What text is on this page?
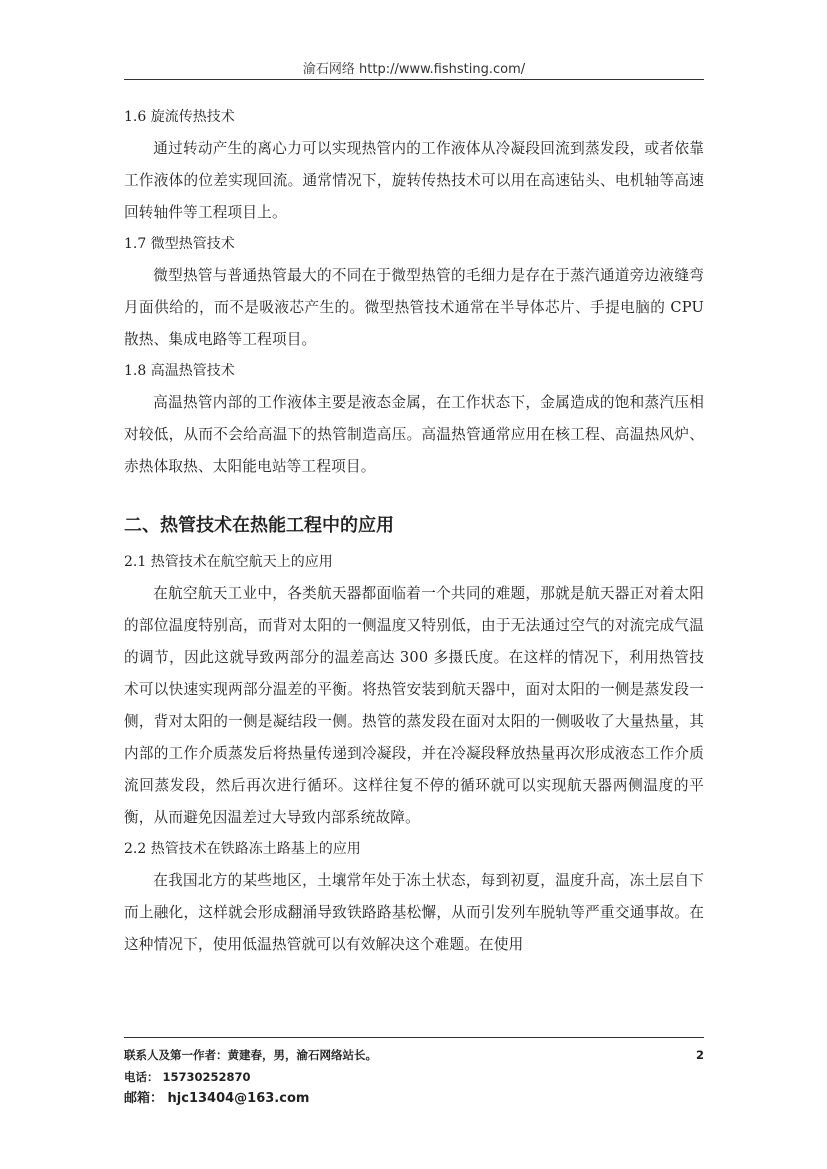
渝石网络 http://www.fishsting.com/
1.6 旋流传热技术

通过转动产生的离心力可以实现热管内的工作液体从冷凝段回流到蒸发段，或者依靠工作液体的位差实现回流。通常情况下，旋转传热技术可以用在高速钻头、电机轴等高速回转轴件等工程项目上。

1.7 微型热管技术

微型热管与普通热管最大的不同在于微型热管的毛细力是存在于蒸汽通道旁边液缝弯月面供给的，而不是吸液芯产生的。微型热管技术通常在半导体芯片、手提电脑的 CPU 散热、集成电路等工程项目。

1.8 高温热管技术

高温热管内部的工作液体主要是液态金属，在工作状态下，金属造成的饱和蒸汽压相对较低，从而不会给高温下的热管制造高压。高温热管通常应用在核工程、高温热风炉、赤热体取热、太阳能电站等工程项目。

二、热管技术在热能工程中的应用
2.1 热管技术在航空航天上的应用

在航空航天工业中，各类航天器都面临着一个共同的难题，那就是航天器正对着太阳的部位温度特别高，而背对太阳的一侧温度又特别低，由于无法通过空气的对流完成气温的调节，因此这就导致两部分的温差高达 300 多摄氏度。在这样的情况下，利用热管技术可以快速实现两部分温差的平衡。将热管安装到航天器中，面对太阳的一侧是蒸发段一侧，背对太阳的一侧是凝结段一侧。热管的蒸发段在面对太阳的一侧吸收了大量热量，其内部的工作介质蒸发后将热量传递到冷凝段，并在冷凝段释放热量再次形成液态工作介质流回蒸发段，然后再次进行循环。这样往复不停的循环就可以实现航天器两侧温度的平衡，从而避免因温差过大导致内部系统故障。

2.2 热管技术在铁路冻土路基上的应用

在我国北方的某些地区，土壤常年处于冻土状态，每到初夏，温度升高，冻土层自下而上融化，这样就会形成翻涌导致铁路路基松懈，从而引发列车脱轨等严重交通事故。在这种情况下，使用低温热管就可以有效解决这个难题。在使用

联系人及第一作者：黄建春，男，渝石网络站长。	2
电话： 15730252870
邮箱： hjc13404@163.com
